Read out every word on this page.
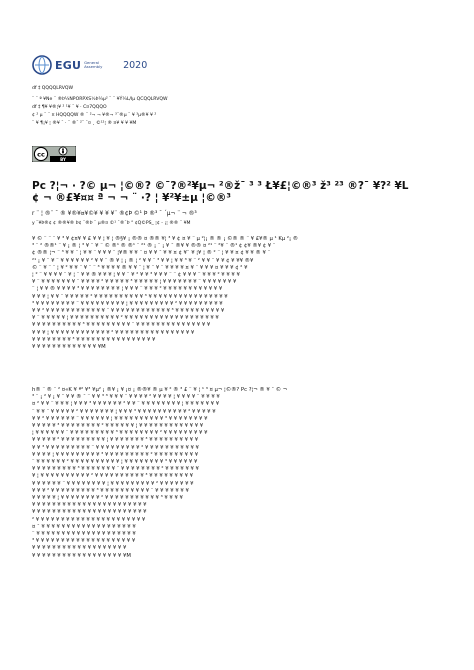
EGU General Assembly	2020
df ‡ QQQQLRVQW
¨ ¯ ª ¥Ne ¨ ®Þ¼NPORPXS½Þ¼µ² ¨ ¨ ¥Ý¼L/Iµ QCQQLRVQW
df ‡ ¶¥ ¥®¦¥ ² ¹¥ ¯ ¥ · C¤7QQQO
¢ ² µ ¨ ¯ ¤ HQQQQW ® ¨ ²¬ ¬ ¥®¬ ³¯®µ ¨ ¥ ³µ®¥ ¥ ²
¨ ¥ ¶¡¥ ¦ ®¥ ¯ · ¨ ®¯ ²¨ ¯¤ ¸ ©¹²¦ ® ¤¥ ¥ ¥ ¥M
cc
BY
Pc ?¦¬ · ?© µ¬ ¦©®? ©¯?®²¥µ¬ ²®ž¯ ³ ³ Ł¥£¦©®³ ž³ ²³ ®?¯ ¥?² ¥L
¢ ¬ ®£¥¤¤ ª ¬ ¬ ¨ ·? ¦ ¥²¥±µ ¦©®³
r ¨ ¦ ®¨ ¯ ® ¥®¥¤¥©¥ ¥ ¥ ¥¨ ®¢Þ ©¹ Þ ®³ ¯ ´µ¬ ¨ ¬ ®³
y ¨¥Þ®¢ ¢ ®®¥® Þ¢ ¯®Þ ¨ µ®¤ ©¹ ¯®¯Þ ° ¢Q©PS_ ¦¢ - ¡¦ ®® ¨ ¥M
¥ © ¨ ¨ ¨ ¥ ³ ¥ ¢¤¥ ¥ £ ¥ ¥ ¦ ¥ ¦ ®§¥ ¡ ®® ¤ ®® ¥¦ ³ ¥ ¢ ¤ ¥ ¨ µ ²¦¡ ® ® ¡ ©® ® ¨ ¥ £¥® µ ¹ Kµ ²¡ ®
³ ¨ ² ®®¹ ¨ ¥ ¡ ® ¦ ³ ¥ ¨ ¥ ¨ © ®¹ ® ®¹ ¨ ²¹ ® ¡ ¨ ¡ ¥ ¯ ®¥ ¥ ®® ¤ ²¹ ¨ ²¥ ¨ ®¹ ¢ ¢¥ ®¥ ¢ ¥ ¨
¢ ®® ¦¬ ¨ ³ ¥ ¥ ¨ ¦ ¥ ¥ ¨ ¥ ¥ ¥ ¨ ¦¥® ¥ ¥ ¨ ¤ ¥ ¥ ¯ ¥ ¥ ¤ ¢ ¥¨ ¥ ¦¥ ¦ ® ² ¨ ¦ ¥ ¥ ¤ ¢ ¥ ¥ ® ¥ ¨
²¹ ¡ ¥ ¨ ¥ ¨ ¥ ¥ ¥ ¥ ¥ ¥ ² ¥ ¥ ¨ ® ¥ ¦ ¡ ® ¦ ² ¥ ¥ ¨ ³ ¥ ¥ ¦ ¥ ¥ ³ ¥ ¨ ² ¥ ¥ ¨ ¥ ¥ ¢ ¥ ¥¥ ®¥
© ¨ ¥ ¨ ¨ ¦ ¥ ² ¥ ¥ ¨ ¥ ¨ ¨ ³ ¥ ¥ ¥ ¥ ® ¥ ¥ ¨ ¦ ¥ ¨ ¥ ¨ ¥ ¥ ¥ ¥ ¤ ¥ ¨ ¥ ¥ ¥ ¤ ¥ ¥ ¥ ¢ ² ¥
¦ ² ¨ ¥ ¥ ¥ ¥ ¨ ¥ ¦ ¨ ¥ ¥ ® ¥ ¥ ¥ ¦ ¥ ¥ ¨ ¥ ² ¥ ¥ ³ ¥ ¥ ¥ ¨ ¨ ¢ ¥ ¥ ¥ ¨ ¥ ¥ ¥ ² ¥ ¥ ¥ ¥
¥ ¨ ¥ ¥ ¥ ¥ ¥ ¥ ¥ ¨ ¥ ¥ ¥ ¥ ² ¥ ¥ ¥ ¥ ¥ ³ ¥ ¥ ¥ ¥ ¥ ¦ ¥ ¥ ¥ ¥ ¥ ¥ ¥ ¨ ¥ ¥ ¥ ¥ ¥ ¥ ¥
¨ ¦ ¥ ¥ ® ¥ ¥ ¥ ¥ ³ ¥ ¥ ¥ ¥ ¥ ¥ ¥ ¥ ¦ ¥ ¥ ¥ ¨ ¥ ¥ ¥ ² ¥ ¥ ¥ ¥ ¥ ¥ ¥ ¥ ¥ ¥ ¥ ¥
¥ ¥ ¥ ¦ ¥ ¥ ¨ ¥ ¥ ¥ ¥ ¥ ² ¥ ¥ ¥ ¥ ¥ ¥ ¥ ¥ ¥ ¥ ³ ¥ ¥ ¥ ¥ ¥ ¥ ¥ ¥ ¥ ¥ ¥ ¥ ¥ ¥ ¥ ¥
³ ¥ ¥ ¥ ¥ ¥ ¥ ¥ ¥ ¨ ¥ ¥ ¥ ¥ ¥ ¥ ¥ ¥ ¥ ¦ ¥ ¥ ¥ ¥ ¥ ¥ ¥ ¥ ¥ ² ¥ ¥ ¥ ¥ ¥ ¥ ¥ ¥ ¥
¥ ¥ ² ¥ ¥ ¥ ¥ ¥ ¥ ¥ ¥ ¥ ¥ ¥ ¥ ¨ ¥ ¥ ¥ ¥ ¥ ¥ ¥ ¥ ¥ ¥ ¥ ¥ ³ ¥ ¥ ¥ ¥ ¥ ¥ ¥ ¥ ¥ ¥
¥ ¨ ¥ ¥ ¥ ¥ ¥ ¦ ¥ ¥ ¥ ¥ ¥ ¥ ¥ ¥ ¥ ¥ ² ¥ ¥ ¥ ¥ ¥ ¥ ¥ ¥ ¥ ¥ ¥ ¥ ¥ ¥ ¥ ¥ ¥ ¥ ¥
¥ ¥ ¥ ¥ ¥ ¥ ¥ ¥ ¥ ¥ ³ ¥ ¥ ¥ ¥ ¥ ¥ ¥ ¥ ¥ ¨ ¥ ¥ ¥ ¥ ¥ ¥ ¥ ¥ ¥ ¥ ¥ ¥ ¥ ¥ ¥
¥ ¥ ¥ ¦ ¥ ¥ ¥ ¥ ¥ ¥ ¥ ¥ ¥ ¥ ¥ ¥ ² ¥ ¥ ¥ ¥ ¥ ¥ ¥ ¥ ¥ ¥ ¥ ¥ ¥ ¥ ¥ ¥
¥ ¥ ¥ ¥ ¥ ¥ ¥ ¥ ³ ¥ ¥ ¥ ¥ ¥ ¥ ¥ ¥ ¥ ¥ ¥ ¥ ¥ ¥ ¥ ¥
¥ ¥ ¥ ¥ ¥ ¥ ¥ ¥ ¥ ¥ ¥ ¥ ¥ ¥M
h® ¨ ® ¨ ² ¤«K ¥ ª² ¥³ ¥µ² ¡ ®¥ ¡ ¥ ¡¤ ¡ ®®¥ ® µ ¥ ² ® ³ £ ¨ ¥ ¦ ¹ ³ ¤ µ¬ ¦©®? Pc ?¦¬ ® ¥ ¯ © ¬
³ ¨ ¡ ² ¥ ¡ ¥ ¯ ¥ ¥ ® ¯ ¨ ¥ ¥ ³ ³ ¥ ¥ ¥ ¨ ¥ ¥ ¥ ¥ ² ¥ ¥ ¥ ¥ ¦ ¥ ¥ ¥ ¥ ¨ ¥ ¥ ¥ ¥
¤ ² ¥ ¥ ¨ ¥ ¥ ¥ ¦ ¥ ¥ ¥ ³ ¥ ¥ ¥ ¥ ¥ ¥ ² ¥ ¥ ¨ ¥ ¥ ¥ ¥ ¥ ¥ ¥ ¥ ¦ ¥ ¥ ¥ ¥ ¥ ¥ ¥
¨ ¥ ¥ ¨ ¥ ¥ ¥ ¥ ¥ ² ¥ ¥ ¥ ¥ ¥ ¥ ¥ ¦ ¥ ¥ ¥ ³ ¥ ¥ ¥ ¥ ¥ ¥ ¥ ¥ ¥ ¥ ² ¥ ¥ ¥ ¥ ¥
¥ ¥ ² ¥ ¥ ¥ ¥ ¥ ¥ ¨ ¥ ¥ ¥ ¥ ¥ ¥ ¦ ¥ ¥ ¥ ¥ ¥ ¥ ¥ ¥ ¥ ¥ ³ ¥ ¥ ¥ ¥ ¥ ¥ ¥ ¥
¥ ¥ ¥ ¥ ¥ ³ ¥ ¥ ¥ ¥ ¥ ¥ ¥ ¥ ² ¥ ¥ ¥ ¥ ¥ ¥ ¦ ¥ ¥ ¥ ¥ ¥ ¥ ¥ ¥ ¥ ¥ ¥ ¥ ¥
¦ ¥ ¥ ¥ ¥ ¥ ¥ ¨ ¥ ¥ ¥ ¥ ¥ ¥ ¥ ¥ ¥ ³ ¥ ¥ ¥ ¥ ¥ ¥ ¥ ¥ ² ¥ ¥ ¥ ¥ ¥ ¥ ¥ ¥ ¥
¥ ¥ ¥ ¥ ¥ ² ¥ ¥ ¥ ¥ ¥ ¥ ¥ ¥ ¥ ¦ ¥ ¥ ¥ ¥ ¥ ¥ ¥ ³ ¥ ¥ ¥ ¥ ¥ ¥ ¥ ¥ ¥ ¥
¥ ¥ ³ ¥ ¥ ¥ ¥ ¥ ¥ ¥ ¥ ¥ ¨ ¥ ¥ ¥ ¥ ¥ ¥ ¥ ¥ ¥ ² ¥ ¥ ¥ ¥ ¥ ¥ ¥ ¥ ¥ ¥ ¥
¥ ¥ ¥ ¥ ¦ ¥ ¥ ¥ ¥ ¥ ¥ ¥ ¥ ¥ ³ ¥ ¥ ¥ ¥ ¥ ¥ ¥ ¥ ¥ ² ¥ ¥ ¥ ¥ ¥ ¥ ¥ ¥ ¥
¨ ¥ ¥ ¥ ¥ ¥ ¥ ² ¥ ¥ ¥ ¥ ¥ ¥ ¥ ¥ ¥ ¥ ¦ ¥ ¥ ¥ ¥ ¥ ¥ ¥ ¥ ³ ¥ ¥ ¥ ¥ ¥ ¥
¥ ¥ ¥ ¥ ¥ ¥ ¥ ¥ ¥ ³ ¥ ¥ ¥ ¥ ¥ ¥ ¥ ¨ ¥ ¥ ¥ ¥ ¥ ¥ ¥ ¥ ² ¥ ¥ ¥ ¥ ¥ ¥ ¥
¥ ¦ ¥ ¥ ¥ ¥ ¥ ¥ ¥ ¥ ¥ ¥ ² ¥ ¥ ¥ ¥ ¥ ¥ ¥ ¥ ¥ ¥ ³ ¥ ¥ ¥ ¥ ¥ ¥ ¥ ¥ ¥
¥ ¥ ¥ ¥ ¥ ¥ ¨ ¥ ¥ ¥ ¥ ¥ ¥ ¥ ¥ ¦ ¥ ¥ ¥ ¥ ¥ ¥ ¥ ¥ ¥ ² ¥ ¥ ¥ ¥ ¥ ¥ ¥
¥ ¥ ¥ ² ¥ ¥ ¥ ¥ ¥ ¥ ¥ ¥ ¥ ³ ¥ ¥ ¥ ¥ ¥ ¥ ¥ ¥ ¥ ¥ ¨ ¥ ¥ ¥ ¥ ¥ ¥ ¥
¥ ¥ ¥ ¥ ¥ ¦ ¥ ¥ ¥ ¥ ¥ ¥ ¥ ¥ ² ¥ ¥ ¥ ¥ ¥ ¥ ¥ ¥ ¥ ¥ ¥ ³ ¥ ¥ ¥ ¥
¥ ¥ ¥ ¥ ¥ ¥ ¥ ¥ ¥ ¥ ¥ ¥ ¥ ¥ ¥ ¥ ¥ ¥ ¥ ¥ ¥ ¥ ¥
¥ ¥ ¥ ¥ ¥ ¥ ¥ ¥ ¥ ¥ ¥ ¥ ¥ ¥ ¥ ¥ ¥ ¥ ¥ ¥ ¥ ¥ ¥
² ¥ ¥ ¥ ¥ ¥ ¥ ¥ ¥ ¥ ¥ ¥ ¥ ¥ ¥ ¥ ¥ ¥ ¥ ¥ ¥ ¥ ¥
¤ ¯ ¥ ¥ ¥ ¥ ¥ ¥ ¥ ¥ ¥ ¥ ¥ ¥ ¥ ¥ ¥ ¥ ¥ ¥ ¥
¨ ¥ ¥ ¥ ¥ ¥ ¥ ¥ ¥ ¥ ¥ ¥ ¥ ¥ ¥ ¥ ¥ ¥ ¥ ¥ ¥
³ ¥ ¥ ¥ ¥ ¥ ¥ ¥ ¥ ¥ ¥ ¥ ¥ ¥ ¥ ¥ ¥ ¥ ¥ ¥ ¥
¥ ¥ ¥ ¥ ¥ ¥ ¥ ¥ ¥ ¥ ¥ ¥ ¥ ¥ ¥ ¥ ¥ ¥ ¥
¥ ¥ ¥ ¥ ¥ ¥ ¥ ¥ ¥ ¥ ¥ ¥ ¥ ¥ ¥ ¥ ¥ ¥ ¥M
